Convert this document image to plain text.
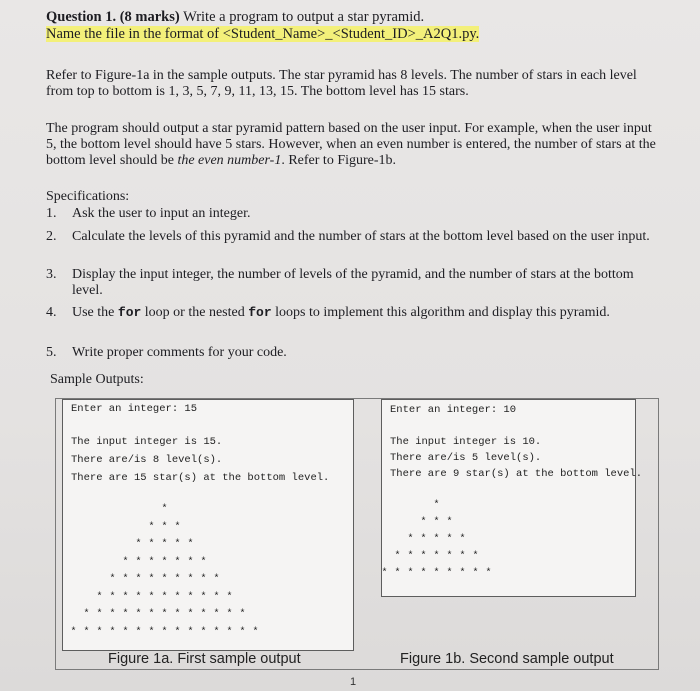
Question 1. (8 marks) Write a program to output a star pyramid.
Name the file in the format of <Student_Name>_<Student_ID>_A2Q1.py.
Refer to Figure-1a in the sample outputs. The star pyramid has 8 levels. The number of stars in each level from top to bottom is 1, 3, 5, 7, 9, 11, 13, 15. The bottom level has 15 stars.
The program should output a star pyramid pattern based on the user input. For example, when the user input 5, the bottom level should have 5 stars. However, when an even number is entered, the number of stars at the bottom level should be the even number-1. Refer to Figure-1b.
Specifications:
1.	Ask the user to input an integer.
2.	Calculate the levels of this pyramid and the number of stars at the bottom level based on the user input.
3.	Display the input integer, the number of levels of the pyramid, and the number of stars at the bottom level.
4.	Use the for loop or the nested for loops to implement this algorithm and display this pyramid.
5.	Write proper comments for your code.
Sample Outputs:
Enter an integer: 15
The input integer is 15.
There are/is 8 level(s).
There are 15 star(s) at the bottom level.
*
* * *
* * * * *
* * * * * * *
* * * * * * * * *
* * * * * * * * * * *
* * * * * * * * * * * * *
* * * * * * * * * * * * * * *
Enter an integer: 10
The input integer is 10.
There are/is 5 level(s).
There are 9 star(s) at the bottom level.
*
* * *
* * * * *
* * * * * * *
* * * * * * * * *
Figure 1a. First sample output	Figure 1b. Second sample output
1
